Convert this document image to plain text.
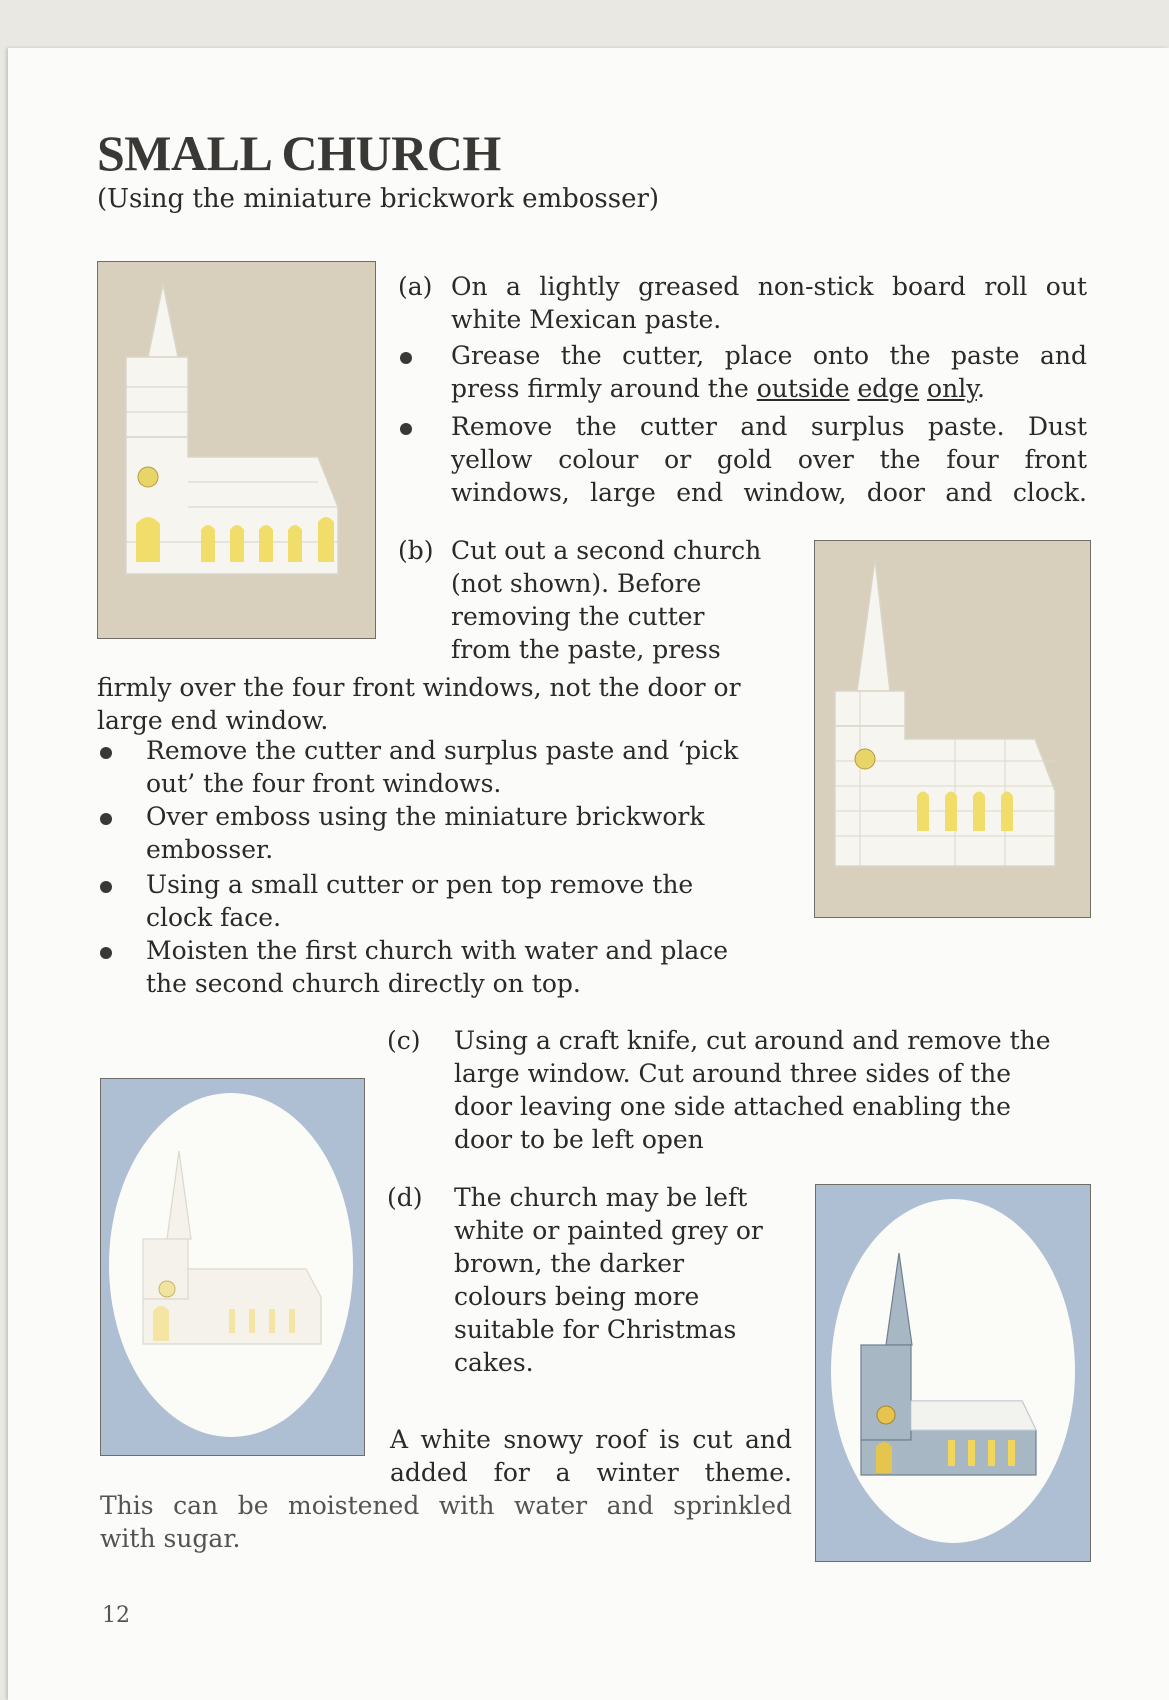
SMALL CHURCH
(Using the miniature brickwork embosser)
(a) On a lightly greased non-stick board roll out
white Mexican paste.
Grease the cutter, place onto the paste and
press firmly around the outside edge only.
Remove the cutter and surplus paste. Dust
yellow colour or gold over the four front
windows, large end window, door and clock.
(b) Cut out a second church
(not shown). Before
removing the cutter
from the paste, press
firmly over the four front windows, not the door or
large end window.
Remove the cutter and surplus paste and ‘pick
out’ the four front windows.
Over emboss using the miniature brickwork
embosser.
Using a small cutter or pen top remove the
clock face.
Moisten the first church with water and place
the second church directly on top.
(c) Using a craft knife, cut around and remove the
large window. Cut around three sides of the
door leaving one side attached enabling the
door to be left open
(d) The church may be left
white or painted grey or
brown, the darker
colours being more
suitable for Christmas
cakes.
A white snowy roof is cut and
added for a winter theme.
This can be moistened with water and sprinkled
with sugar.
12
